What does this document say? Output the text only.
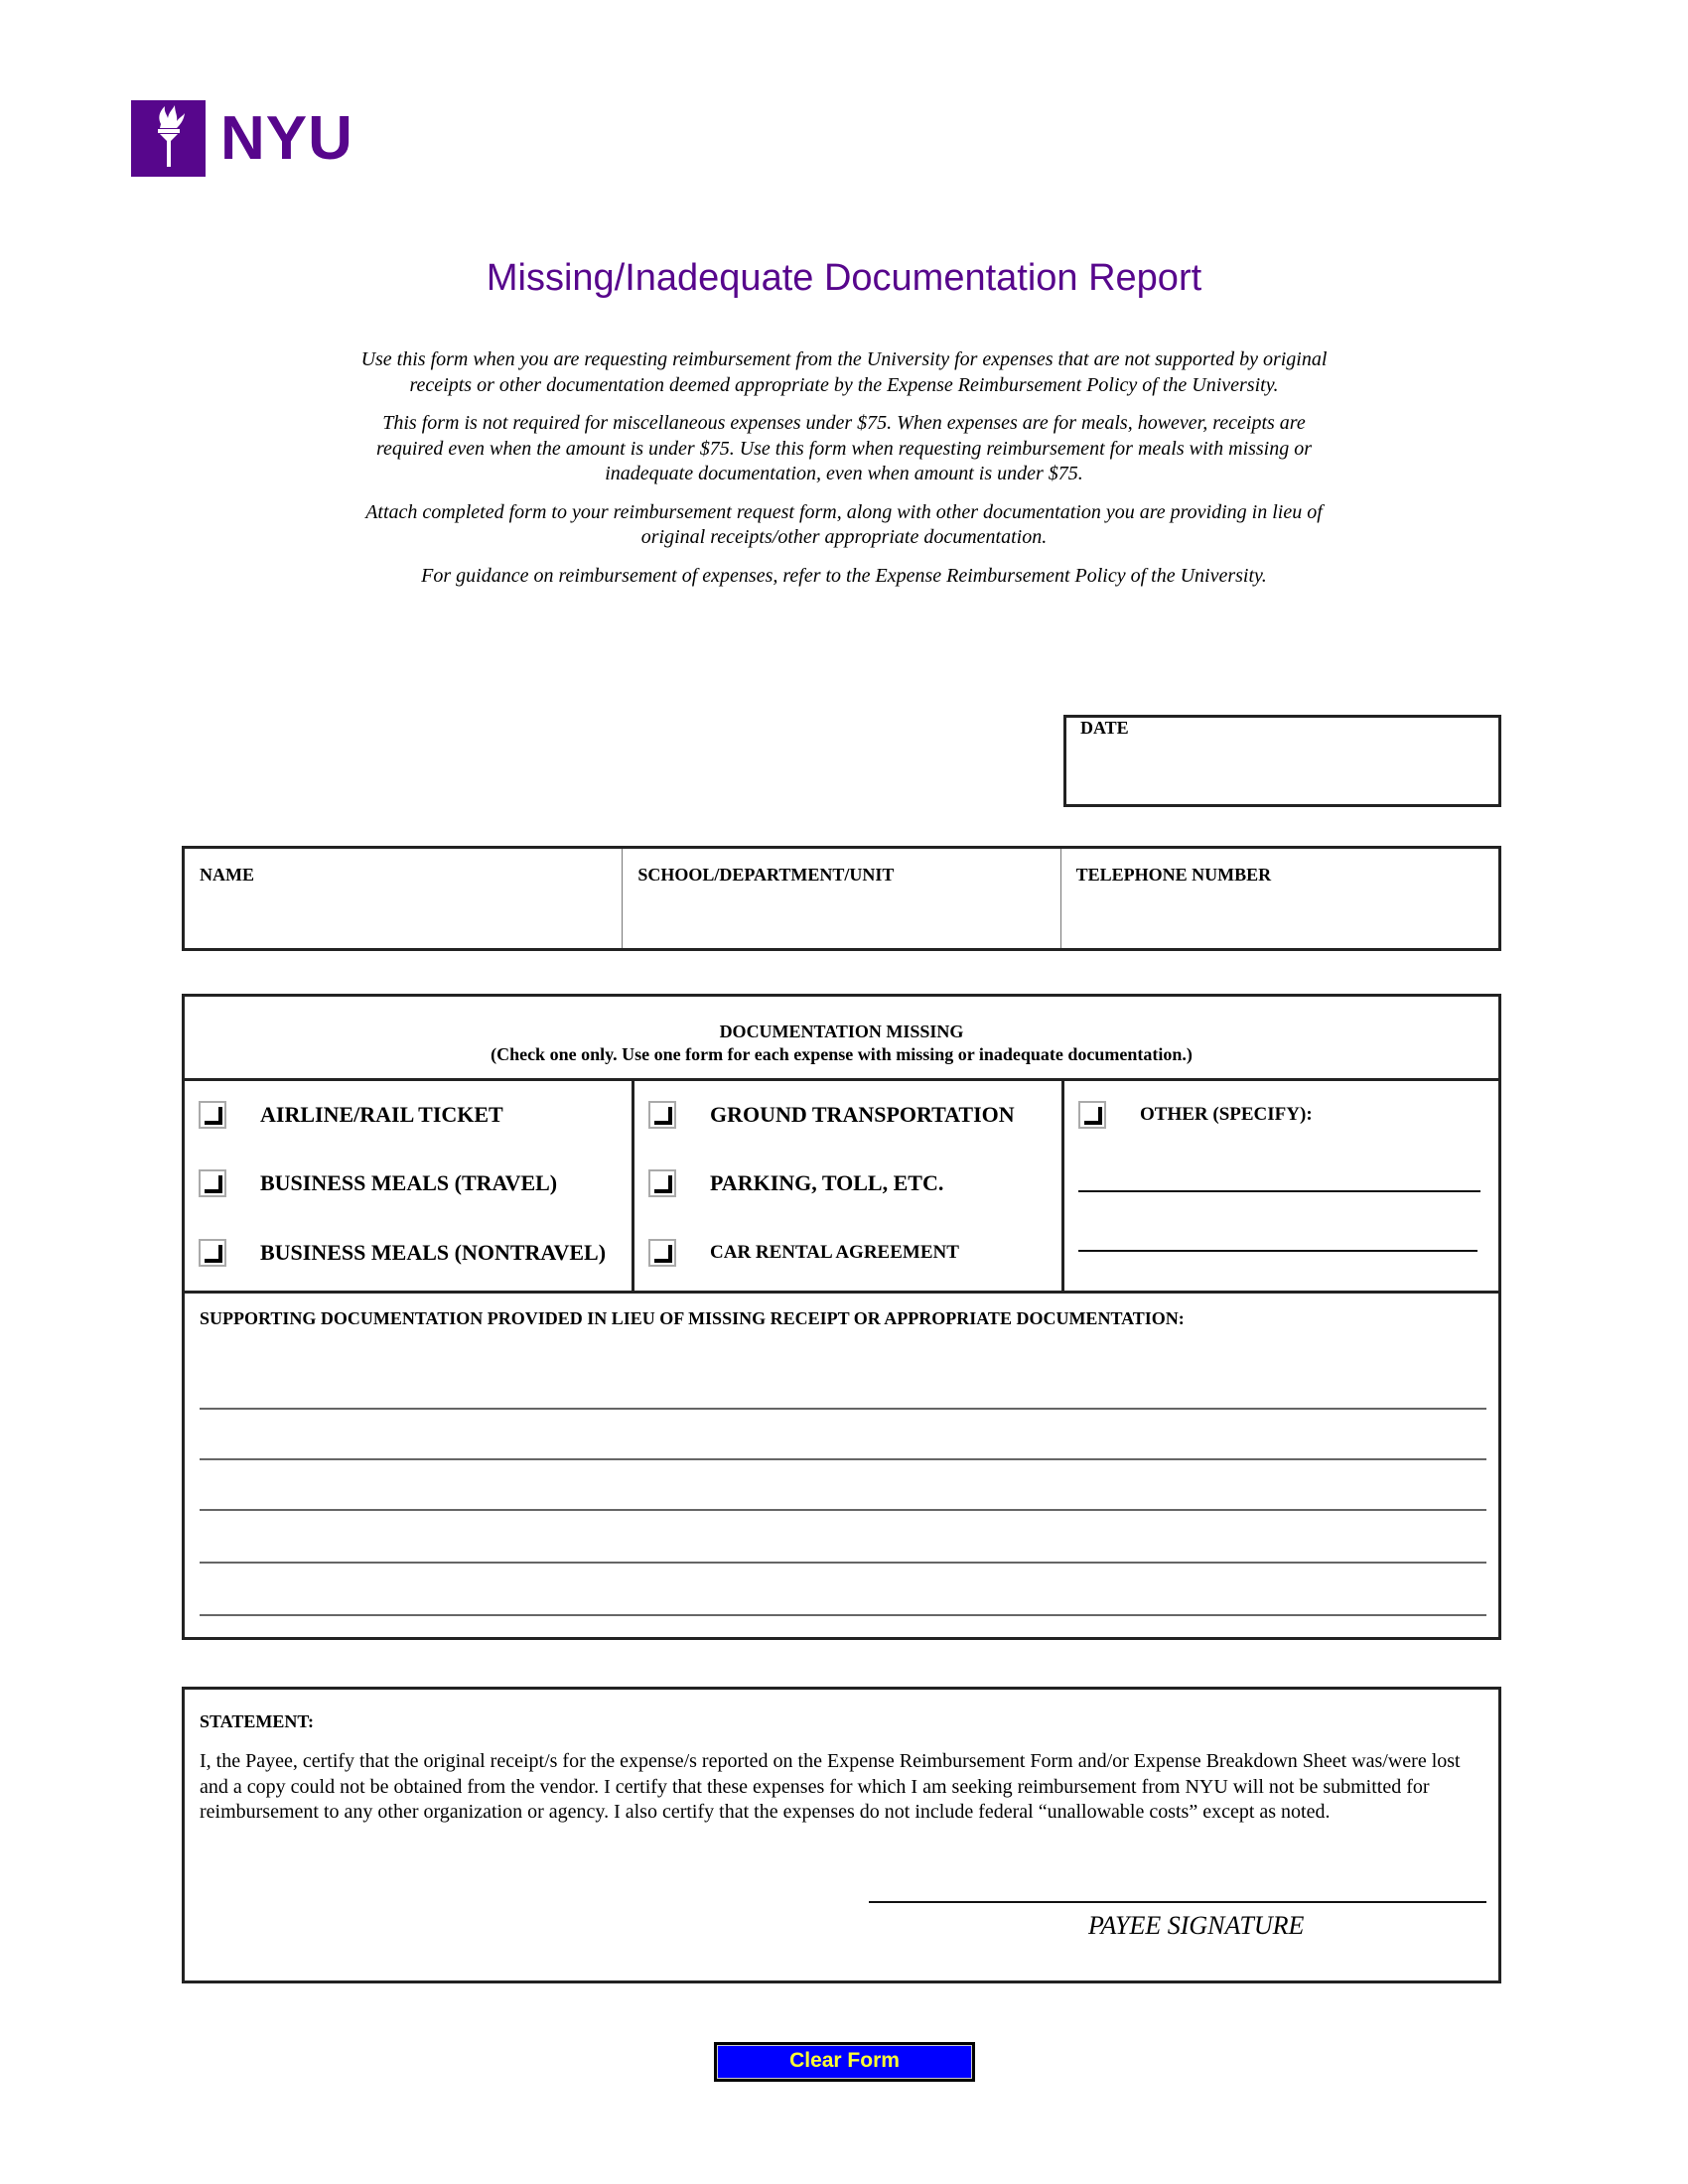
NYU
Missing/Inadequate Documentation Report

Use this form when you are requesting reimbursement from the University for expenses that are not supported by original receipts or other documentation deemed appropriate by the Expense Reimbursement Policy of the University.

This form is not required for miscellaneous expenses under $75. When expenses are for meals, however, receipts are required even when the amount is under $75. Use this form when requesting reimbursement for meals with missing or inadequate documentation, even when amount is under $75.

Attach completed form to your reimbursement request form, along with other documentation you are providing in lieu of original receipts/other appropriate documentation.

For guidance on reimbursement of expenses, refer to the Expense Reimbursement Policy of the University.

DATE
NAME	SCHOOL/DEPARTMENT/UNIT	TELEPHONE NUMBER
DOCUMENTATION MISSING
(Check one only. Use one form for each expense with missing or inadequate documentation.)
AIRLINE/RAIL TICKET
BUSINESS MEALS (TRAVEL)
BUSINESS MEALS (NONTRAVEL)
GROUND TRANSPORTATION
PARKING, TOLL, ETC.
CAR RENTAL AGREEMENT
OTHER (SPECIFY):
SUPPORTING DOCUMENTATION PROVIDED IN LIEU OF MISSING RECEIPT OR APPROPRIATE DOCUMENTATION:
STATEMENT:
I, the Payee, certify that the original receipt/s for the expense/s reported on the Expense Reimbursement Form and/or Expense Breakdown Sheet was/were lost and a copy could not be obtained from the vendor. I certify that these expenses for which I am seeking reimbursement from NYU will not be submitted for reimbursement to any other organization or agency. I also certify that the expenses do not include federal “unallowable costs” except as noted.
PAYEE SIGNATURE
Clear Form
